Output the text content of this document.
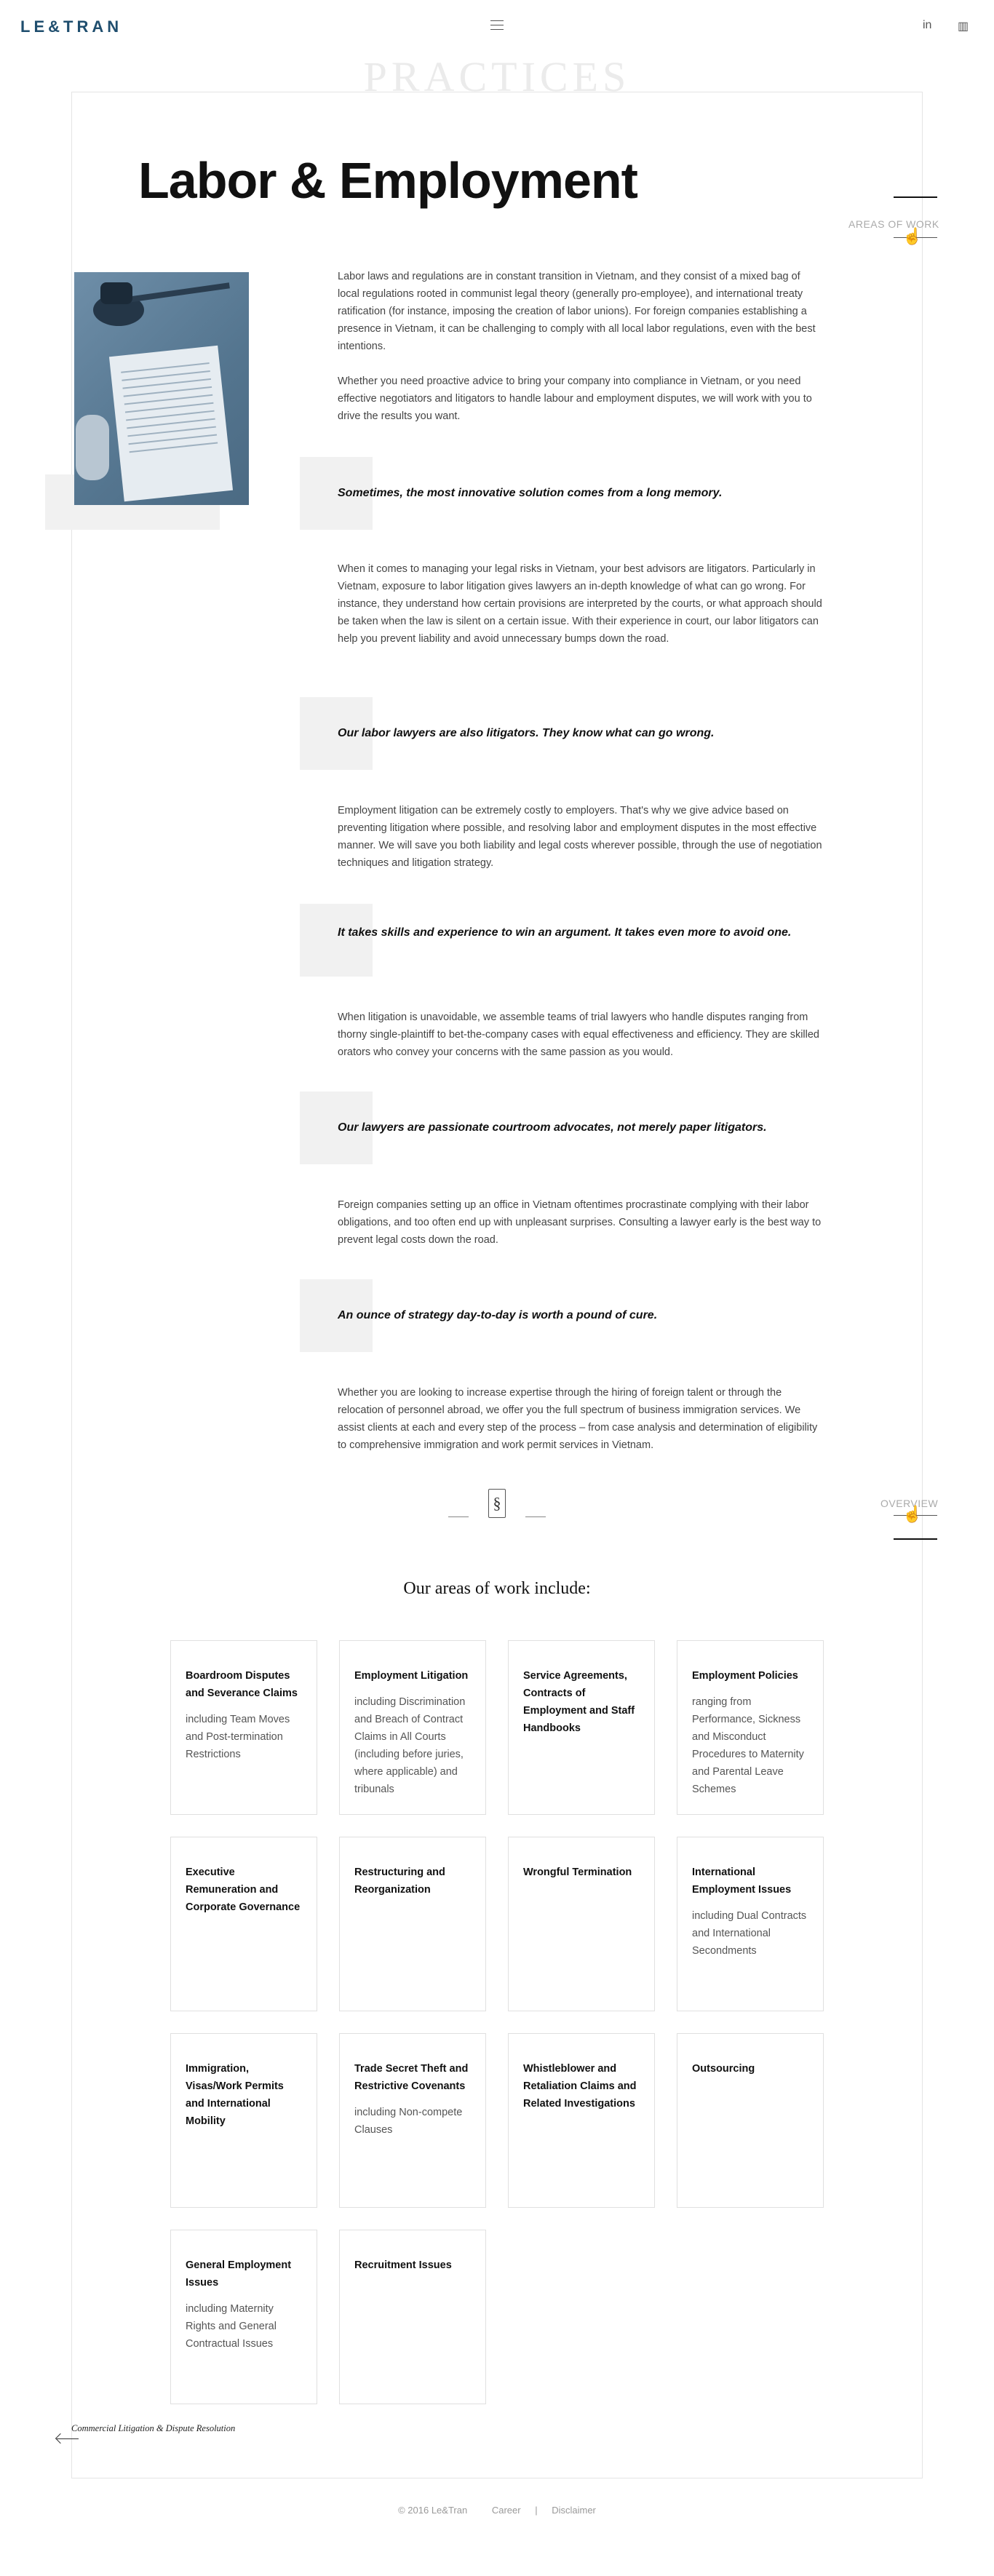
LE&TRAN	in ▥
PRACTICES
Labor & Employment
AREAS OF WORK
☝
OVERVIEW
☝

Labor laws and regulations are in constant transition in Vietnam, and they consist of a mixed bag of local regulations rooted in communist legal theory (generally pro-employee), and international treaty ratification (for instance, imposing the creation of labor unions). For foreign companies establishing a presence in Vietnam, it can be challenging to comply with all local labor regulations, even with the best intentions.

Whether you need proactive advice to bring your company into compliance in Vietnam, or you need effective negotiators and litigators to handle labour and employment disputes, we will work with you to drive the results you want.

Sometimes, the most innovative solution comes from a long memory.
When it comes to managing your legal risks in Vietnam, your best advisors are litigators. Particularly in Vietnam, exposure to labor litigation gives lawyers an in-depth knowledge of what can go wrong. For instance, they understand how certain provisions are interpreted by the courts, or what approach should be taken when the law is silent on a certain issue. With their experience in court, our labor litigators can help you prevent liability and avoid unnecessary bumps down the road.
Our labor lawyers are also litigators. They know what can go wrong.
Employment litigation can be extremely costly to employers. That's why we give advice based on preventing litigation where possible, and resolving labor and employment disputes in the most effective manner. We will save you both liability and legal costs wherever possible, through the use of negotiation techniques and litigation strategy.
It takes skills and experience to win an argument. It takes even more to avoid one.
When litigation is unavoidable, we assemble teams of trial lawyers who handle disputes ranging from thorny single-plaintiff to bet-the-company cases with equal effectiveness and efficiency. They are skilled orators who convey your concerns with the same passion as you would.
Our lawyers are passionate courtroom advocates, not merely paper litigators.
Foreign companies setting up an office in Vietnam oftentimes procrastinate complying with their labor obligations, and too often end up with unpleasant surprises. Consulting a lawyer early is the best way to prevent legal costs down the road.
An ounce of strategy day-to-day is worth a pound of cure.
Whether you are looking to increase expertise through the hiring of foreign talent or through the relocation of personnel abroad, we offer you the full spectrum of business immigration services. We assist clients at each and every step of the process – from case analysis and determination of eligibility to comprehensive immigration and work permit services in Vietnam.
§
Our areas of work include:
Boardroom Disputes and Severance Claims
including Team Moves and Post-termination Restrictions
Employment Litigation
including Discrimination and Breach of Contract Claims in All Courts (including before juries, where applicable) and tribunals
Service Agreements, Contracts of Employment and Staff Handbooks
Employment Policies
ranging from Performance, Sickness and Misconduct Procedures to Maternity and Parental Leave Schemes
Executive Remuneration and Corporate Governance
Restructuring and Reorganization
Wrongful Termination	International Employment Issues
including Dual Contracts and International Secondments
Immigration, Visas/Work Permits and International Mobility
Trade Secret Theft and Restrictive Covenants
including Non-compete Clauses
Whistleblower and Retaliation Claims and Related Investigations
Outsourcing
General Employment Issues
including Maternity Rights and General Contractual Issues
Recruitment Issues
Commercial Litigation & Dispute Resolution
© 2016 Le&Tran	Career | Disclaimer
